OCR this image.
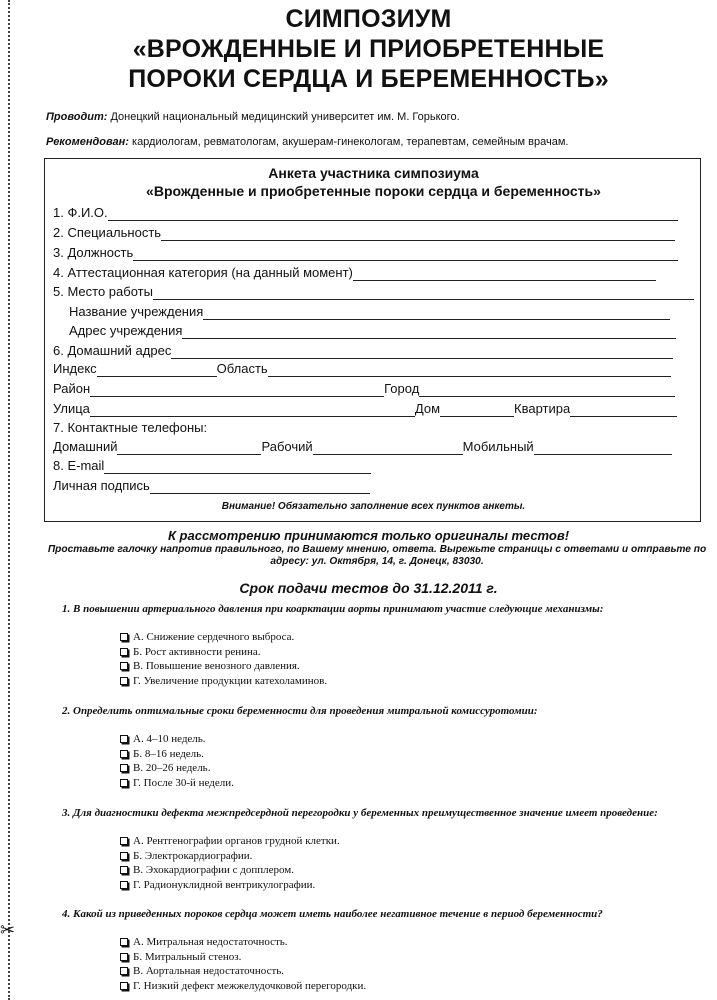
✂
СИМПОЗИУМ
«ВРОЖДЕННЫЕ И ПРИОБРЕТЕННЫЕ
ПОРОКИ СЕРДЦА И БЕРЕМЕННОСТЬ»
Проводит: Донецкий национальный медицинский университет им. М. Горького.
Рекомендован: кардиологам, ревматологам, акушерам-гинекологам, терапевтам, семейным врачам.
Анкета участника симпозиума
«Врожденные и приобретенные пороки сердца и беременность»
1. Ф.И.О.
2. Специальность
3. Должность
4. Аттестационная категория (на данный момент)
5. Место работы
Название учреждения
Адрес учреждения
6. Домашний адрес
Индекс	Область
Район	Город
Улица	Дом	Квартира
7. Контактные телефоны:
Домашний	Рабочий	Мобильный
8. E-mail
Личная подпись
Внимание! Обязательно заполнение всех пунктов анкеты.
К рассмотрению принимаются только оригиналы тестов!
Проставьте галочку напротив правильного, по Вашему мнению, ответа. Вырежьте страницы с ответами и отправьте по адресу: ул. Октября, 14, г. Донецк, 83030.
Срок подачи тестов до 31.12.2011 г.
1. В повышении артериального давления при коарктации аорты принимают участие следующие механизмы:
А. Снижение сердечного выброса.
Б. Рост активности ренина.
В. Повышение венозного давления.
Г. Увеличение продукции катехоламинов.
2. Определить оптимальные сроки беременности для проведения митральной комиссуротомии:
А. 4–10 недель.
Б. 8–16 недель.
В. 20–26 недель.
Г. После 30-й недели.
3. Для диагностики дефекта межпредсердной перегородки у беременных преимущественное значение имеет проведение:
А. Рентгенографии органов грудной клетки.
Б. Электрокардиографии.
В. Эхокардиографии с допплером.
Г. Радионуклидной вентрикулографии.
4. Какой из приведенных пороков сердца может иметь наиболее негативное течение в период беременности?
А. Митральная недостаточность.
Б. Митральный стеноз.
В. Аортальная недостаточность.
Г. Низкий дефект межжелудочковой перегородки.
